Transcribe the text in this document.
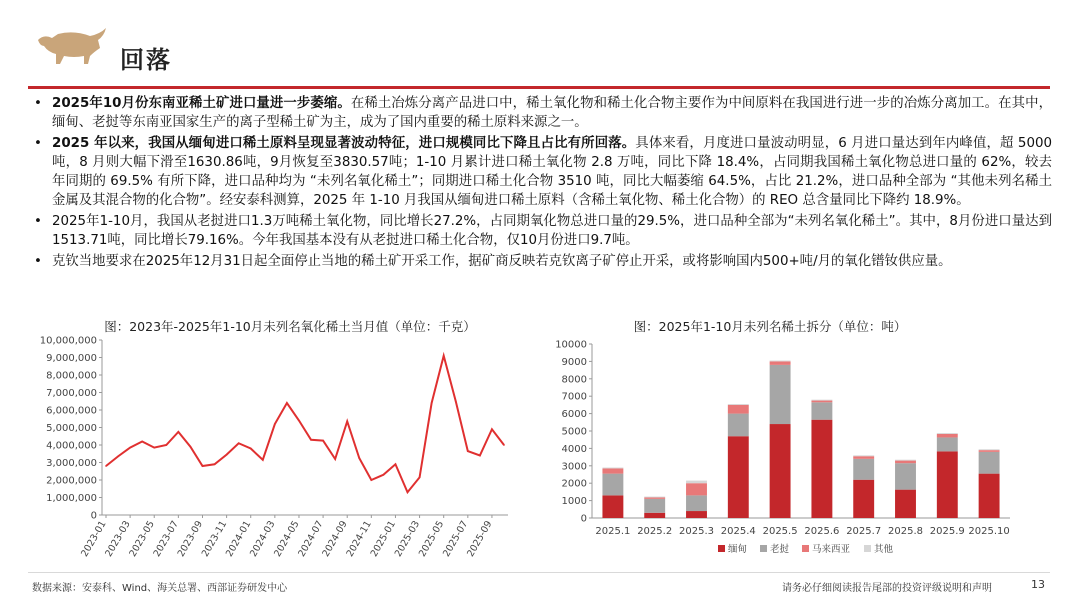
回落
• 2025年10月份东南亚稀土矿进口量进一步萎缩。在稀土冶炼分离产品进口中，稀土氧化物和稀土化合物主要作为中间原料在我国进行进一步的冶炼分离加工。在其中，缅甸、老挝等东南亚国家生产的离子型稀土矿为主，成为了国内重要的稀土原料来源之一。
• 2025 年以来，我国从缅甸进口稀土原料呈现显著波动特征，进口规模同比下降且占比有所回落。具体来看，月度进口量波动明显，6 月进口量达到年内峰值，超 5000 吨，8 月则大幅下滑至1630.86吨，9月恢复至3830.57吨；1-10 月累计进口稀土氧化物 2.8 万吨，同比下降 18.4%，占同期我国稀土氧化物总进口量的 62%，较去年同期的 69.5% 有所下降，进口品种均为 “未列名氧化稀土”；同期进口稀土化合物 3510 吨，同比大幅萎缩 64.5%，占比 21.2%，进口品种全部为 “其他未列名稀土金属及其混合物的化合物”。经安泰科测算，2025 年 1-10 月我国从缅甸进口稀土原料（含稀土氧化物、稀土化合物）的 REO 总含量同比下降约 18.9%。
• 2025年1-10月，我国从老挝进口1.3万吨稀土氧化物，同比增长27.2%，占同期氧化物总进口量的29.5%，进口品种全部为“未列名氧化稀土”。其中，8月份进口量达到1513.71吨，同比增长79.16%。今年我国基本没有从老挝进口稀土化合物，仅10月份进口9.7吨。
• 克钦当地要求在2025年12月31日起全面停止当地的稀土矿开采工作，据矿商反映若克钦离子矿停止开采，或将影响国内500+吨/月的氧化镨钕供应量。
图：2023年-2025年1-10月未列名氧化稀土当月值（单位：千克）	图：2025年1-10月未列名稀土拆分（单位：吨）
0
1,000,000
2,000,000
3,000,000
4,000,000
5,000,000
6,000,000
7,000,000
8,000,000
9,000,000
10,000,000
2023-01
2023-03
2023-05
2023-07
2023-09
2023-11
2024-01
2024-03
2024-05
2024-07
2024-09
2024-11
2025-01
2025-03
2025-05
2025-07
2025-09	0
1000
2000
3000
4000
5000
6000
7000
8000
9000
10000
2025.1 2025.2 2025.3 2025.4 2025.5 2025.6 2025.7 2025.8 2025.9 2025.10
缅甸 老挝 马来西亚	其他
数据来源：安泰科、Wind、海关总署、西部证券研发中心	请务必仔细阅读报告尾部的投资评级说明和声明	13
